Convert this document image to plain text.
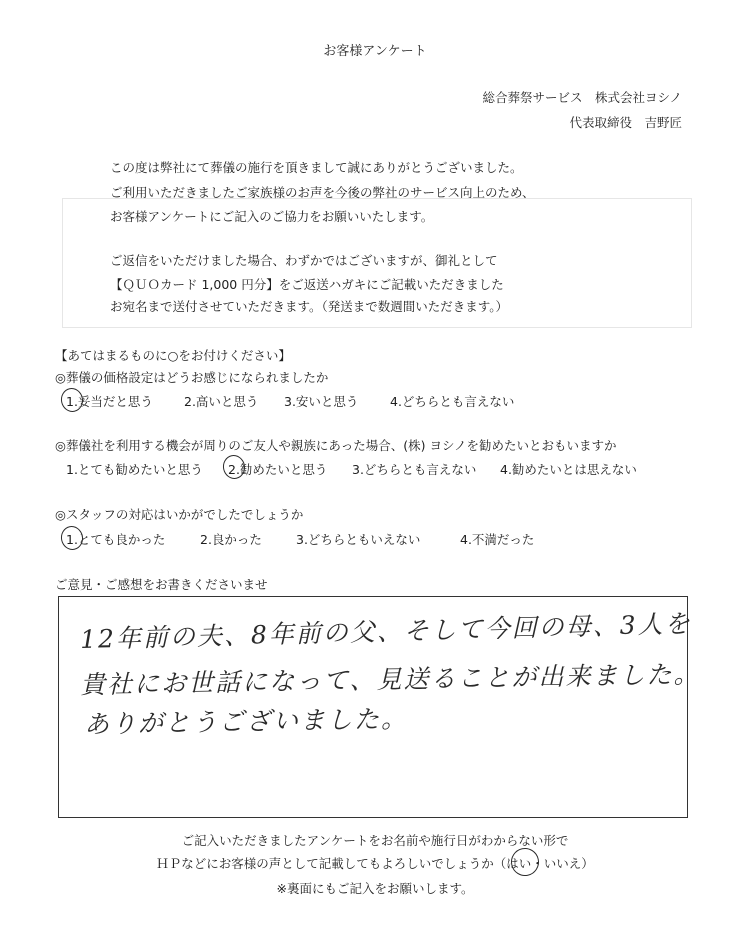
お客様アンケート
総合葬祭サービス　株式会社ヨシノ
代表取締役　吉野匠
この度は弊社にて葬儀の施行を頂きまして誠にありがとうございました。
ご利用いただきましたご家族様のお声を今後の弊社のサービス向上のため、
お客様アンケートにご記入のご協力をお願いいたします。
ご返信をいただけました場合、わずかではございますが、御礼として
【ＱＵＯカード 1,000 円分】をご返送ハガキにご記載いただきました
お宛名まで送付させていただきます。（発送まで数週間いただきます。）
【あてはまるものに○をお付けください】
◎葬儀の価格設定はどうお感じになられましたか
1.妥当だと思う 2.高いと思う 3.安いと思う	4.どちらとも言えない
◎葬儀社を利用する機会が周りのご友人や親族にあった場合、(株) ヨシノを勧めたいとおもいますか
1.とても勧めたいと思う 2.勧めたいと思う 3.どちらとも言えない 4.勧めたいとは思えない
◎スタッフの対応はいかがでしたでしょうか
1.とても良かった	2.良かった	3.どちらともいえない	4.不満だった
ご意見・ご感想をお書きくださいませ
12年前の夫、8年前の父、そして今回の母、3人を
貴社にお世話になって、見送ることが出来ました。
ありがとうございました。
ご記入いただきましたアンケートをお名前や施行日がわからない形で
ＨＰなどにお客様の声として記載してもよろしいでしょうか（はい・いいえ）
※裏面にもご記入をお願いします。
